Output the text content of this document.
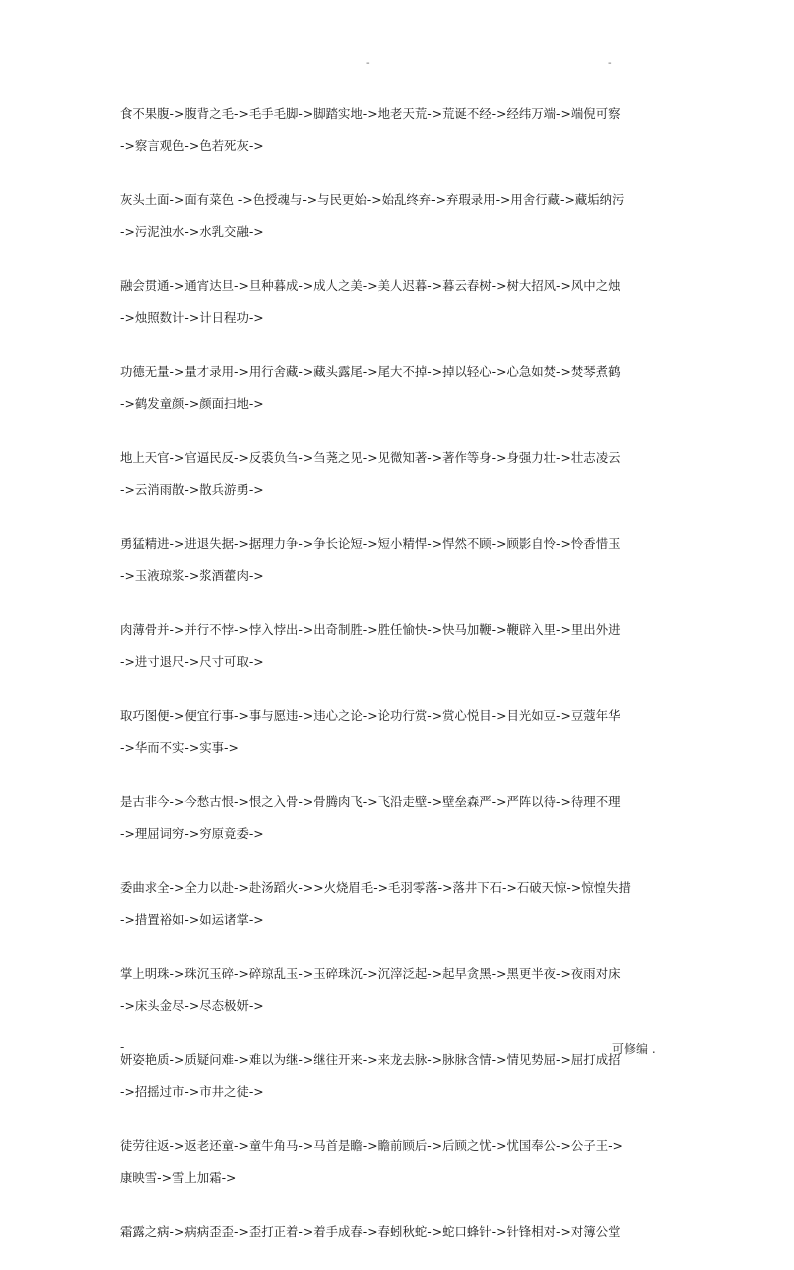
-	-
食不果腹->腹背之毛->毛手毛脚->脚踏实地->地老天荒->荒诞不经->经纬万端->端倪可察
->察言观色->色若死灰->
灰头土面->面有菜色 ->色授魂与->与民更始->始乱终弃->弃瑕录用->用舍行藏->藏垢纳污
->污泥浊水->水乳交融->
融会贯通->通宵达旦->旦种暮成->成人之美->美人迟暮->暮云春树->树大招风->风中之烛
->烛照数计->计日程功->
功德无量->量才录用->用行舍藏->藏头露尾->尾大不掉->掉以轻心->心急如焚->焚琴煮鹤
->鹤发童颜->颜面扫地->
地上天官->官逼民反->反裘负刍->刍荛之见->见微知著->著作等身->身强力壮->壮志凌云
->云消雨散->散兵游勇->
勇猛精进->进退失据->据理力争->争长论短->短小精悍->悍然不顾->顾影自怜->怜香惜玉
->玉液琼浆->浆酒藿肉->
肉薄骨并->并行不悖->悖入悖出->出奇制胜->胜任愉快->快马加鞭->鞭辟入里->里出外进
->进寸退尺->尺寸可取->
取巧图便->便宜行事->事与愿违->违心之论->论功行赏->赏心悦目->目光如豆->豆蔻年华
->华而不实->实事->
是古非今->今愁古恨->恨之入骨->骨腾肉飞->飞沿走壁->壁垒森严->严阵以待->待理不理
->理屈词穷->穷原竟委->
委曲求全->全力以赴->赴汤蹈火->>火烧眉毛->毛羽零落->落井下石->石破天惊->惊惶失措
->措置裕如->如运诸掌->
掌上明珠->珠沉玉碎->碎琼乱玉->玉碎珠沉->沉滓泛起->起早贪黑->黑更半夜->夜雨对床
->床头金尽->尽态极妍->
妍姿艳质->质疑问难->难以为继->继往开来->来龙去脉->脉脉含情->情见势屈->屈打成招
->招摇过市->市井之徒->
徒劳往返->返老还童->童牛角马->马首是瞻->瞻前顾后->后顾之忧->忧国奉公->公子王->
康映雪->雪上加霜->
霜露之病->病病歪歪->歪打正着->着手成春->春蚓秋蛇->蛇口蜂针->针锋相对->对簿公堂
-	可修编 .
